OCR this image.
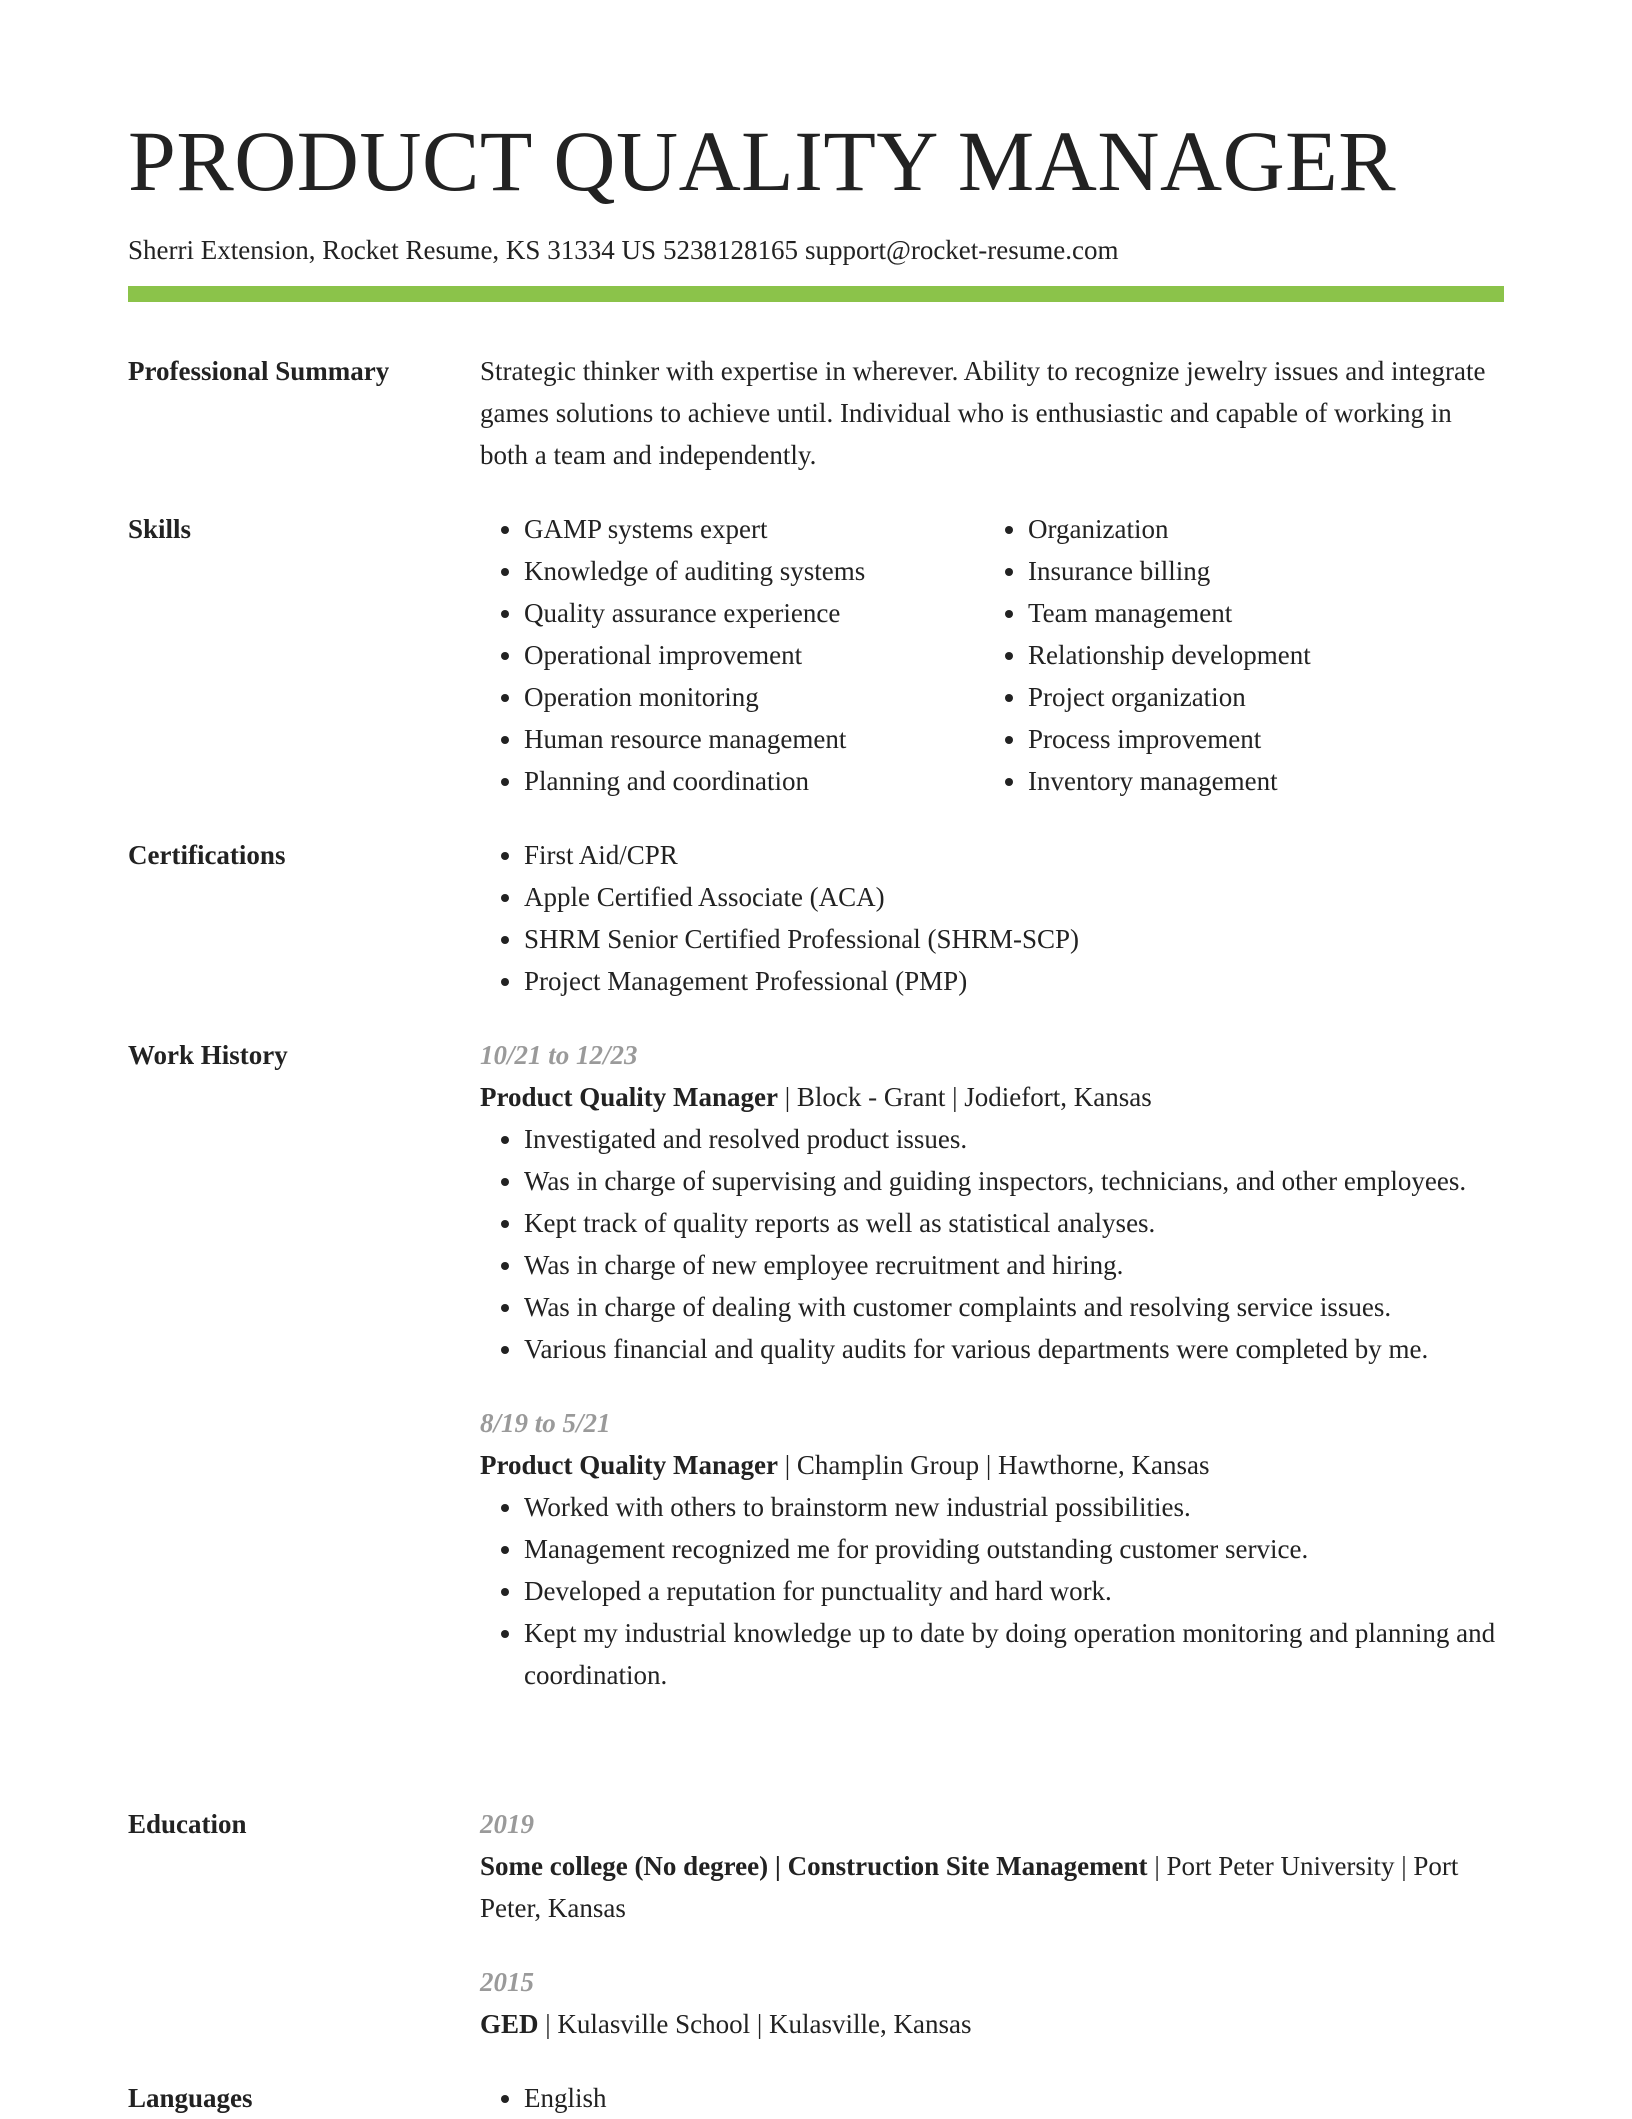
PRODUCT QUALITY MANAGER
Sherri Extension, Rocket Resume, KS 31334 US 5238128165 support@rocket-resume.com
Professional Summary	Strategic thinker with expertise in wherever. Ability to recognize jewelry issues and integrate games solutions to achieve until. Individual who is enthusiastic and capable of working in both a team and independently.

Skills	• GAMP systems expert
• Knowledge of auditing systems
• Quality assurance experience
• Operational improvement
• Operation monitoring
• Human resource management
• Planning and coordination
• Organization
• Insurance billing
• Team management
• Relationship development
• Project organization
• Process improvement
• Inventory management
Certifications	• First Aid/CPR
• Apple Certified Associate (ACA)
• SHRM Senior Certified Professional (SHRM-SCP)
• Project Management Professional (PMP)
Work History	10/21 to 12/23
Product Quality Manager | Block - Grant | Jodiefort, Kansas
• Investigated and resolved product issues.
• Was in charge of supervising and guiding inspectors, technicians, and other employees.
• Kept track of quality reports as well as statistical analyses.
• Was in charge of new employee recruitment and hiring.
• Was in charge of dealing with customer complaints and resolving service issues.
• Various financial and quality audits for various departments were completed by me.
8/19 to 5/21
Product Quality Manager | Champlin Group | Hawthorne, Kansas
• Worked with others to brainstorm new industrial possibilities.
• Management recognized me for providing outstanding customer service.
• Developed a reputation for punctuality and hard work.
• Kept my industrial knowledge up to date by doing operation monitoring and planning and coordination.
Education	2019
Some college (No degree) | Construction Site Management | Port Peter University | Port Peter, Kansas
2015
GED | Kulasville School | Kulasville, Kansas
Languages	• English
